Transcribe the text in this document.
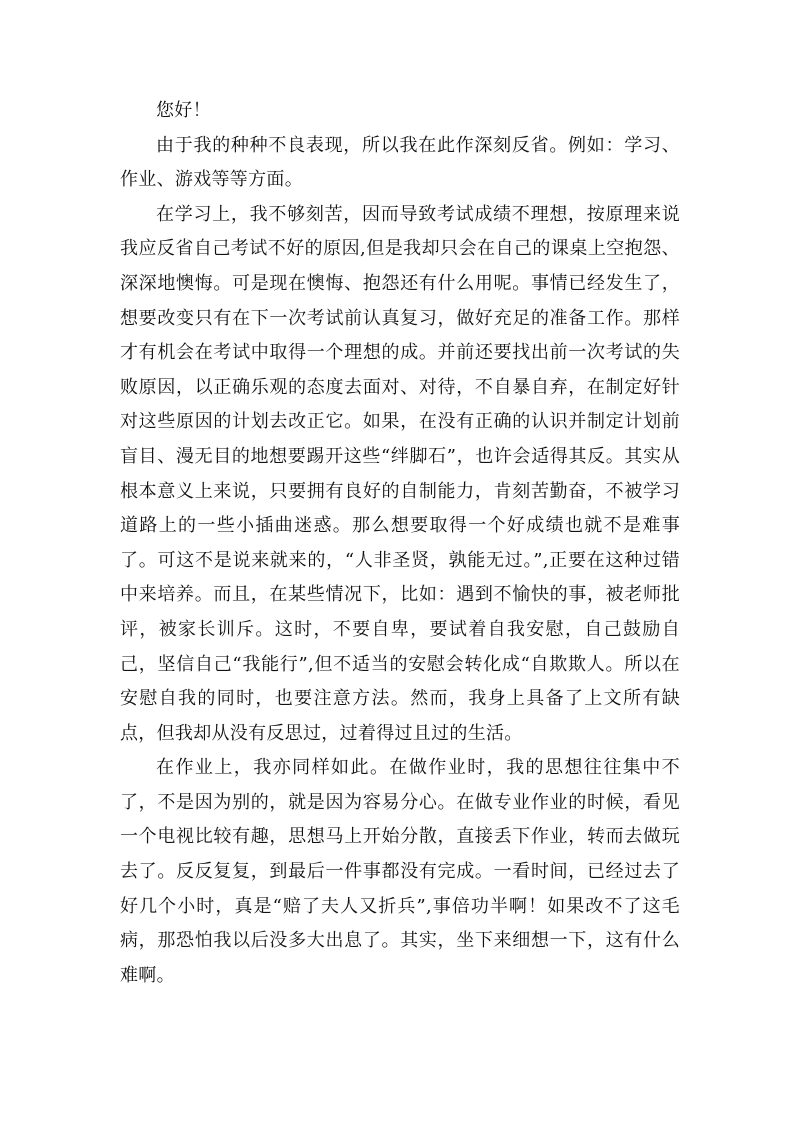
您好！

由于我的种种不良表现，所以我在此作深刻反省。例如：学习、作业、游戏等等方面。

在学习上，我不够刻苦，因而导致考试成绩不理想，按原理来说我应反省自己考试不好的原因,但是我却只会在自己的课桌上空抱怨、深深地懊悔。可是现在懊悔、抱怨还有什么用呢。事情已经发生了，想要改变只有在下一次考试前认真复习，做好充足的准备工作。那样才有机会在考试中取得一个理想的成。并前还要找出前一次考试的失败原因，以正确乐观的态度去面对、对待，不自暴自弃，在制定好针对这些原因的计划去改正它。如果，在没有正确的认识并制定计划前盲目、漫无目的地想要踢开这些“绊脚石”，也许会适得其反。其实从根本意义上来说，只要拥有良好的自制能力，肯刻苦勤奋，不被学习道路上的一些小插曲迷惑。那么想要取得一个好成绩也就不是难事了。可这不是说来就来的，“人非圣贤，孰能无过。”,正要在这种过错中来培养。而且，在某些情况下，比如：遇到不愉快的事，被老师批评，被家长训斥。这时，不要自卑，要试着自我安慰，自己鼓励自己，坚信自己“我能行”,但不适当的安慰会转化成“自欺欺人。所以在安慰自我的同时，也要注意方法。然而，我身上具备了上文所有缺点，但我却从没有反思过，过着得过且过的生活。

在作业上，我亦同样如此。在做作业时，我的思想往往集中不了，不是因为别的，就是因为容易分心。在做专业作业的时候，看见一个电视比较有趣，思想马上开始分散，直接丢下作业，转而去做玩去了。反反复复，到最后一件事都没有完成。一看时间，已经过去了好几个小时，真是“赔了夫人又折兵”,事倍功半啊！如果改不了这毛病，那恐怕我以后没多大出息了。其实，坐下来细想一下，这有什么难啊。
